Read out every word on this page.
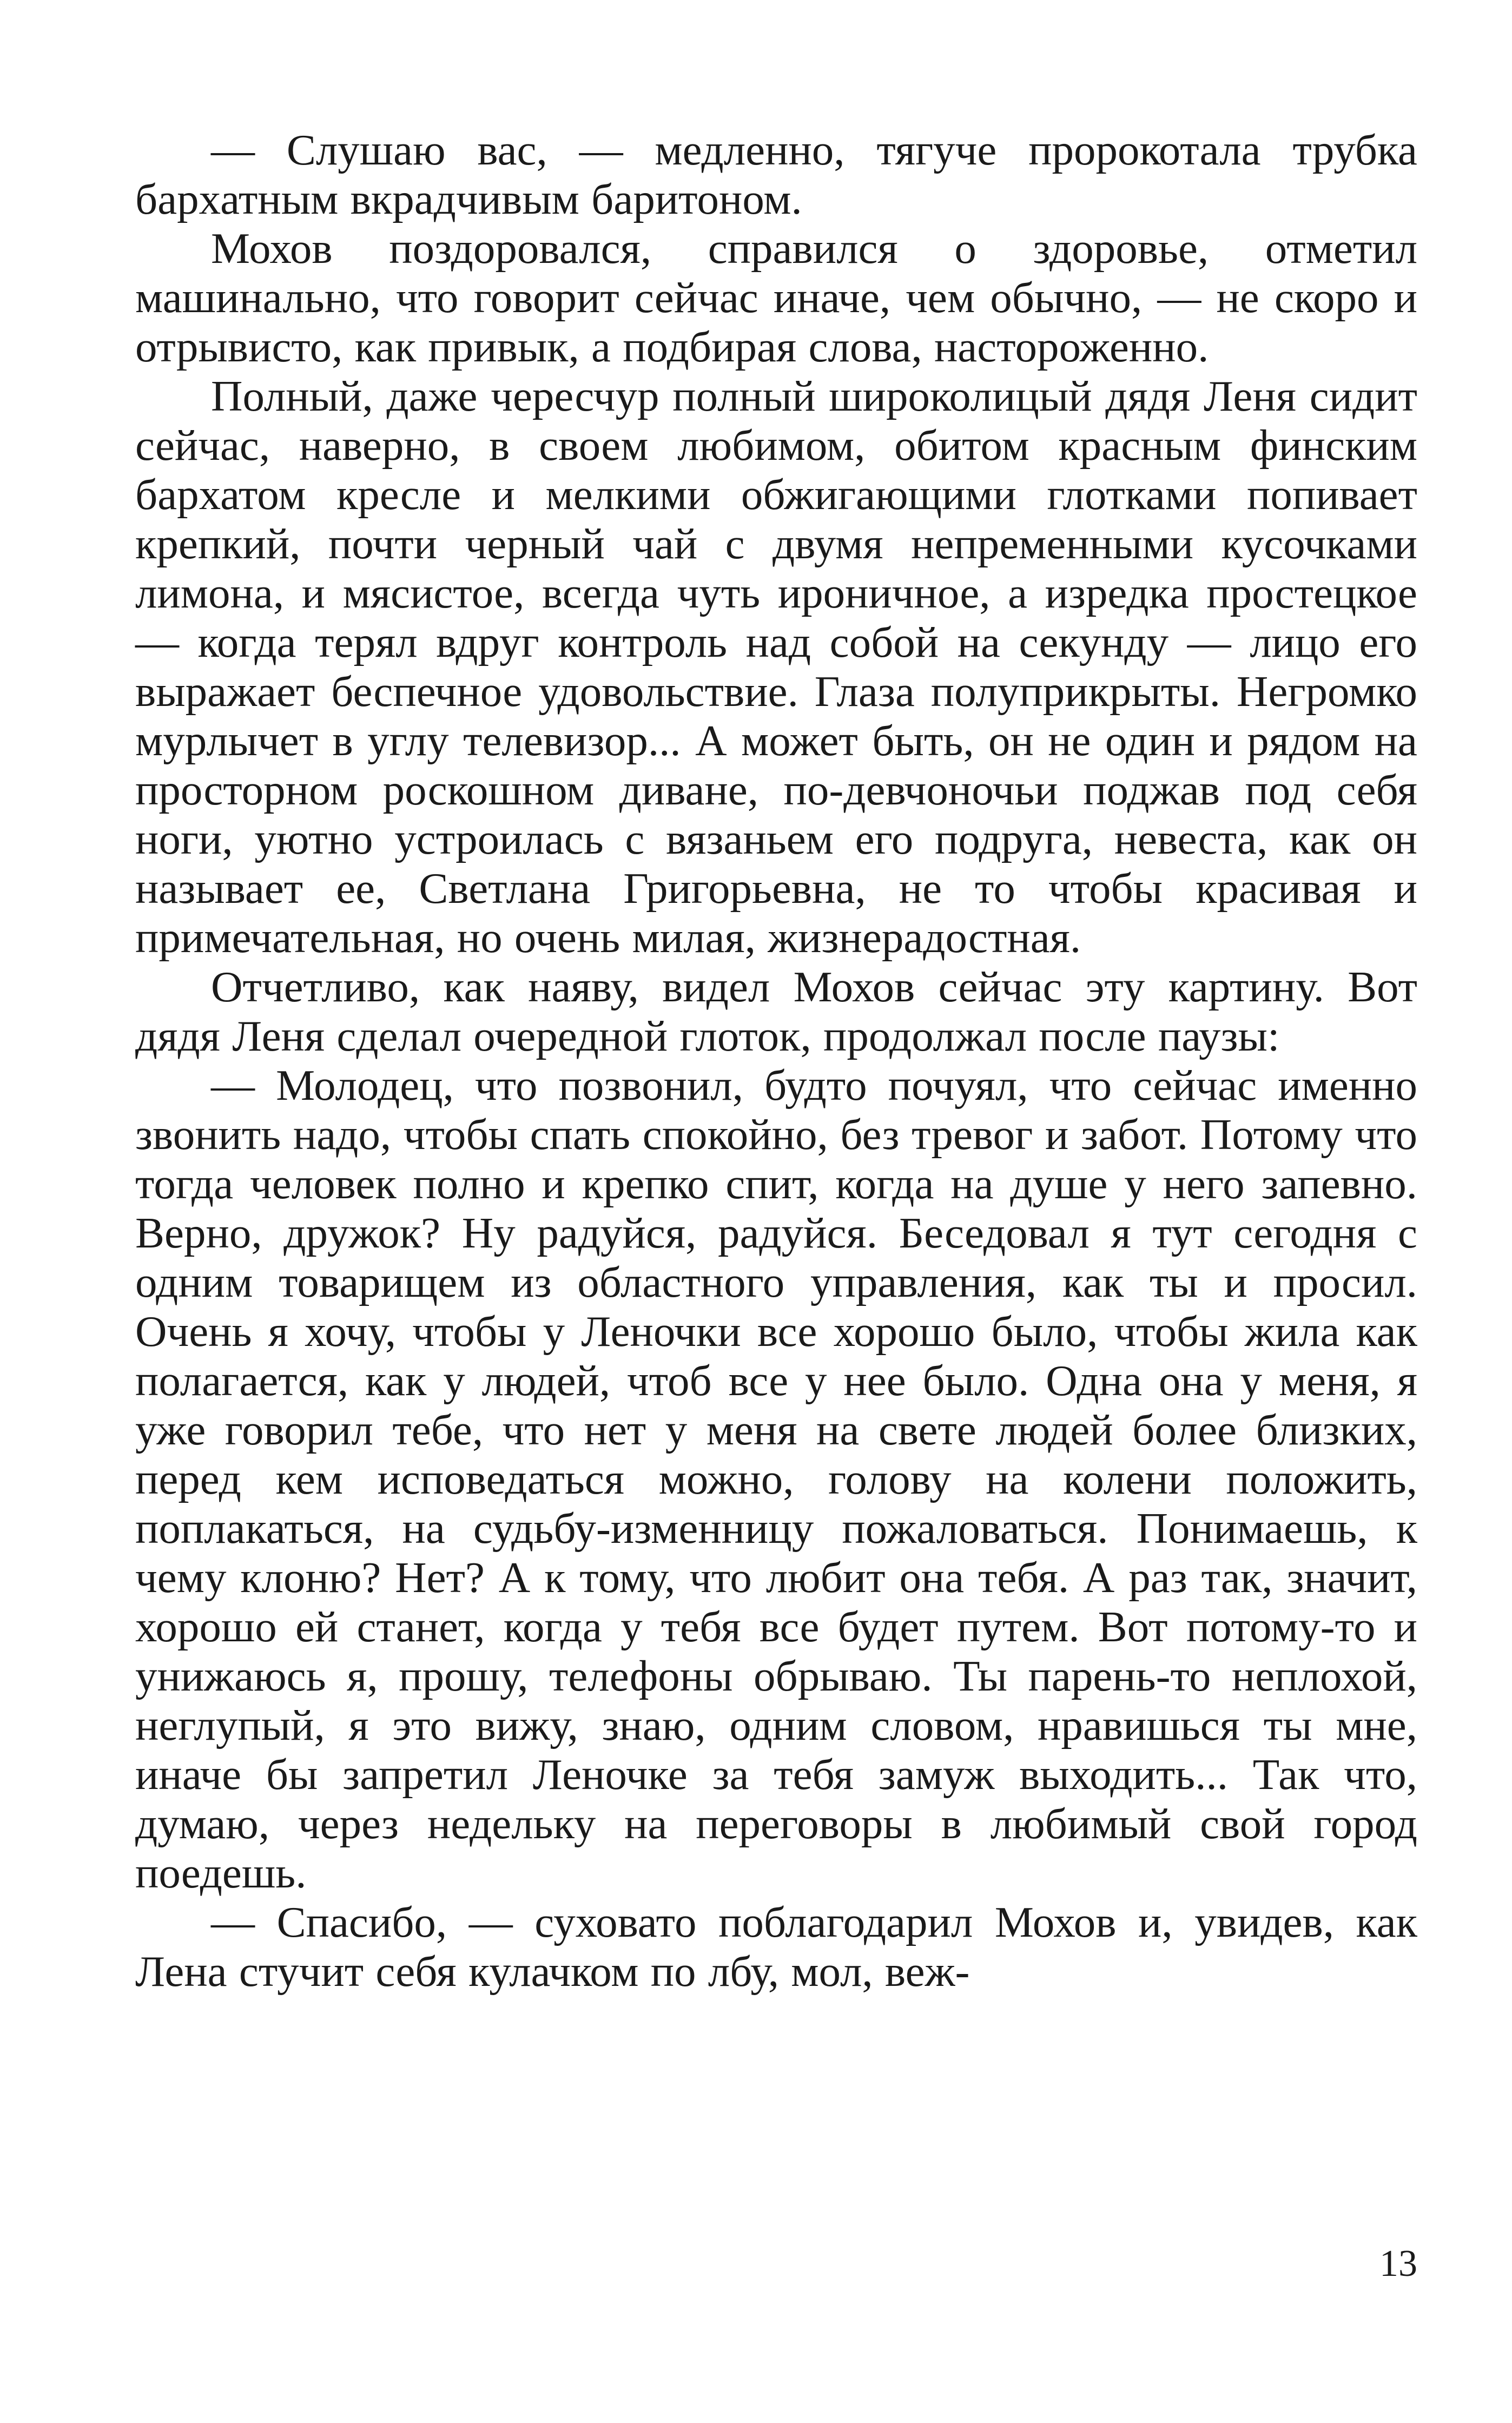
— Слушаю вас, — медленно, тягуче пророкотала трубка бархатным вкрадчивым баритоном.

Мохов поздоровался, справился о здоровье, отметил машинально, что говорит сейчас иначе, чем обычно, — не скоро и отрывисто, как привык, а подбирая слова, настороженно.

Полный, даже чересчур полный широколицый дядя Леня сидит сейчас, наверно, в своем любимом, обитом красным финским бархатом кресле и мелкими обжигающими глотками попивает крепкий, почти черный чай с двумя непременными кусочками лимона, и мясистое, всегда чуть ироничное, а изредка простецкое — когда терял вдруг контроль над собой на секунду — лицо его выражает беспечное удовольствие. Глаза полуприкрыты. Негромко мурлычет в углу телевизор... А может быть, он не один и рядом на просторном роскошном диване, по-девчоночьи поджав под себя ноги, уютно устроилась с вязаньем его подруга, невеста, как он называет ее, Светлана Григорьевна, не то чтобы красивая и примечательная, но очень милая, жизнерадостная.

Отчетливо, как наяву, видел Мохов сейчас эту картину. Вот дядя Леня сделал очередной глоток, продолжал после паузы:

— Молодец, что позвонил, будто почуял, что сейчас именно звонить надо, чтобы спать спокойно, без тревог и забот. Потому что тогда человек полно и крепко спит, когда на душе у него запевно. Верно, дружок? Ну радуйся, радуйся. Беседовал я тут сегодня с одним товарищем из областного управления, как ты и просил. Очень я хочу, чтобы у Леночки все хорошо было, чтобы жила как полагается, как у людей, чтоб все у нее было. Одна она у меня, я уже говорил тебе, что нет у меня на свете людей более близких, перед кем исповедаться можно, голову на колени положить, поплакаться, на судьбу-изменницу пожаловаться. Понимаешь, к чему клоню? Нет? А к тому, что любит она тебя. А раз так, значит, хорошо ей станет, когда у тебя все будет путем. Вот потому-то и унижаюсь я, прошу, телефоны обрываю. Ты парень-то неплохой, неглупый, я это вижу, знаю, одним словом, нравишься ты мне, иначе бы запретил Леночке за тебя замуж выходить... Так что, думаю, через недельку на переговоры в любимый свой город поедешь.

— Спасибо, — суховато поблагодарил Мохов и, увидев, как Лена стучит себя кулачком по лбу, мол, веж-

13
